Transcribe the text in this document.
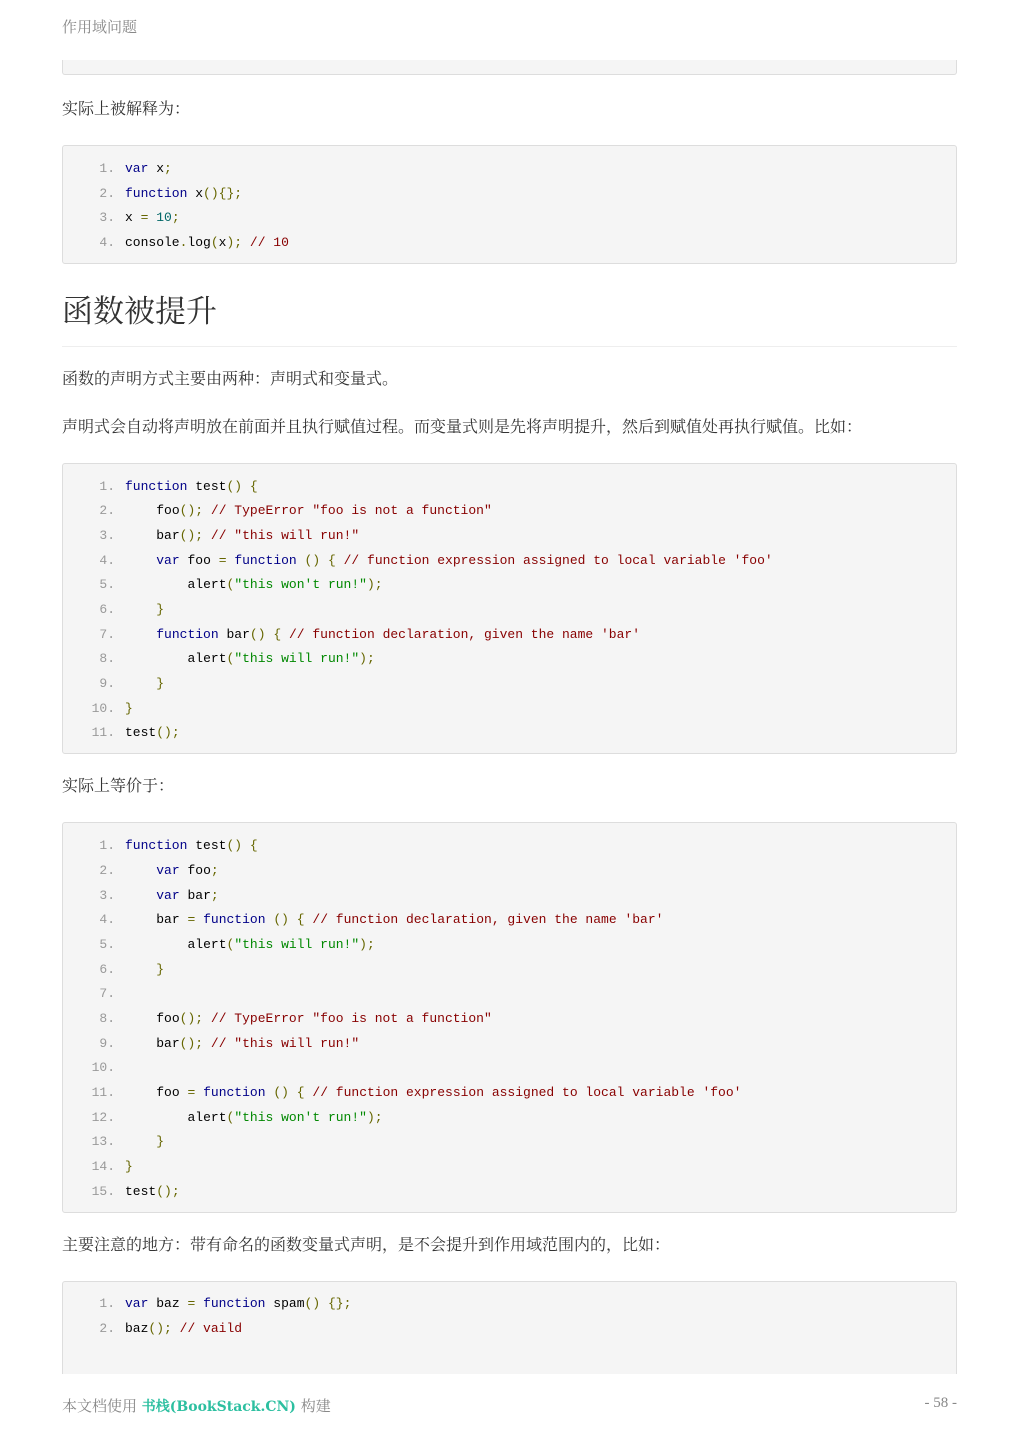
作用域问题

实际上被解释为：

1. var x;
2. function x(){};
3. x = 10;
4. console.log(x); // 10
函数被提升

函数的声明方式主要由两种：声明式和变量式。

声明式会自动将声明放在前面并且执行赋值过程。而变量式则是先将声明提升，然后到赋值处再执行赋值。比如：

1. function test() {
2.	foo(); // TypeError "foo is not a function"
3.	bar(); // "this will run!"
4.	var foo = function () { // function expression assigned to local variable 'foo'
5.	alert("this won't run!");
6.	}
7.	function bar() { // function declaration, given the name 'bar'
8.	alert("this will run!");
9.	}
10. }
11. test();

实际上等价于：

1. function test() {
2.	var foo;
3.	var bar;
4.	bar = function () { // function declaration, given the name 'bar'
5.	alert("this will run!");
6.	}
7.
8.	foo(); // TypeError "foo is not a function"
9.	bar(); // "this will run!"
10.
11.	foo = function () { // function expression assigned to local variable 'foo'
12.	alert("this won't run!");
13.	}
14. }
15. test();

主要注意的地方：带有命名的函数变量式声明，是不会提升到作用域范围内的，比如：

1. var baz = function spam() {};
2. baz(); // vaild
本文档使用 书栈(BookStack.CN) 构建	- 58 -
